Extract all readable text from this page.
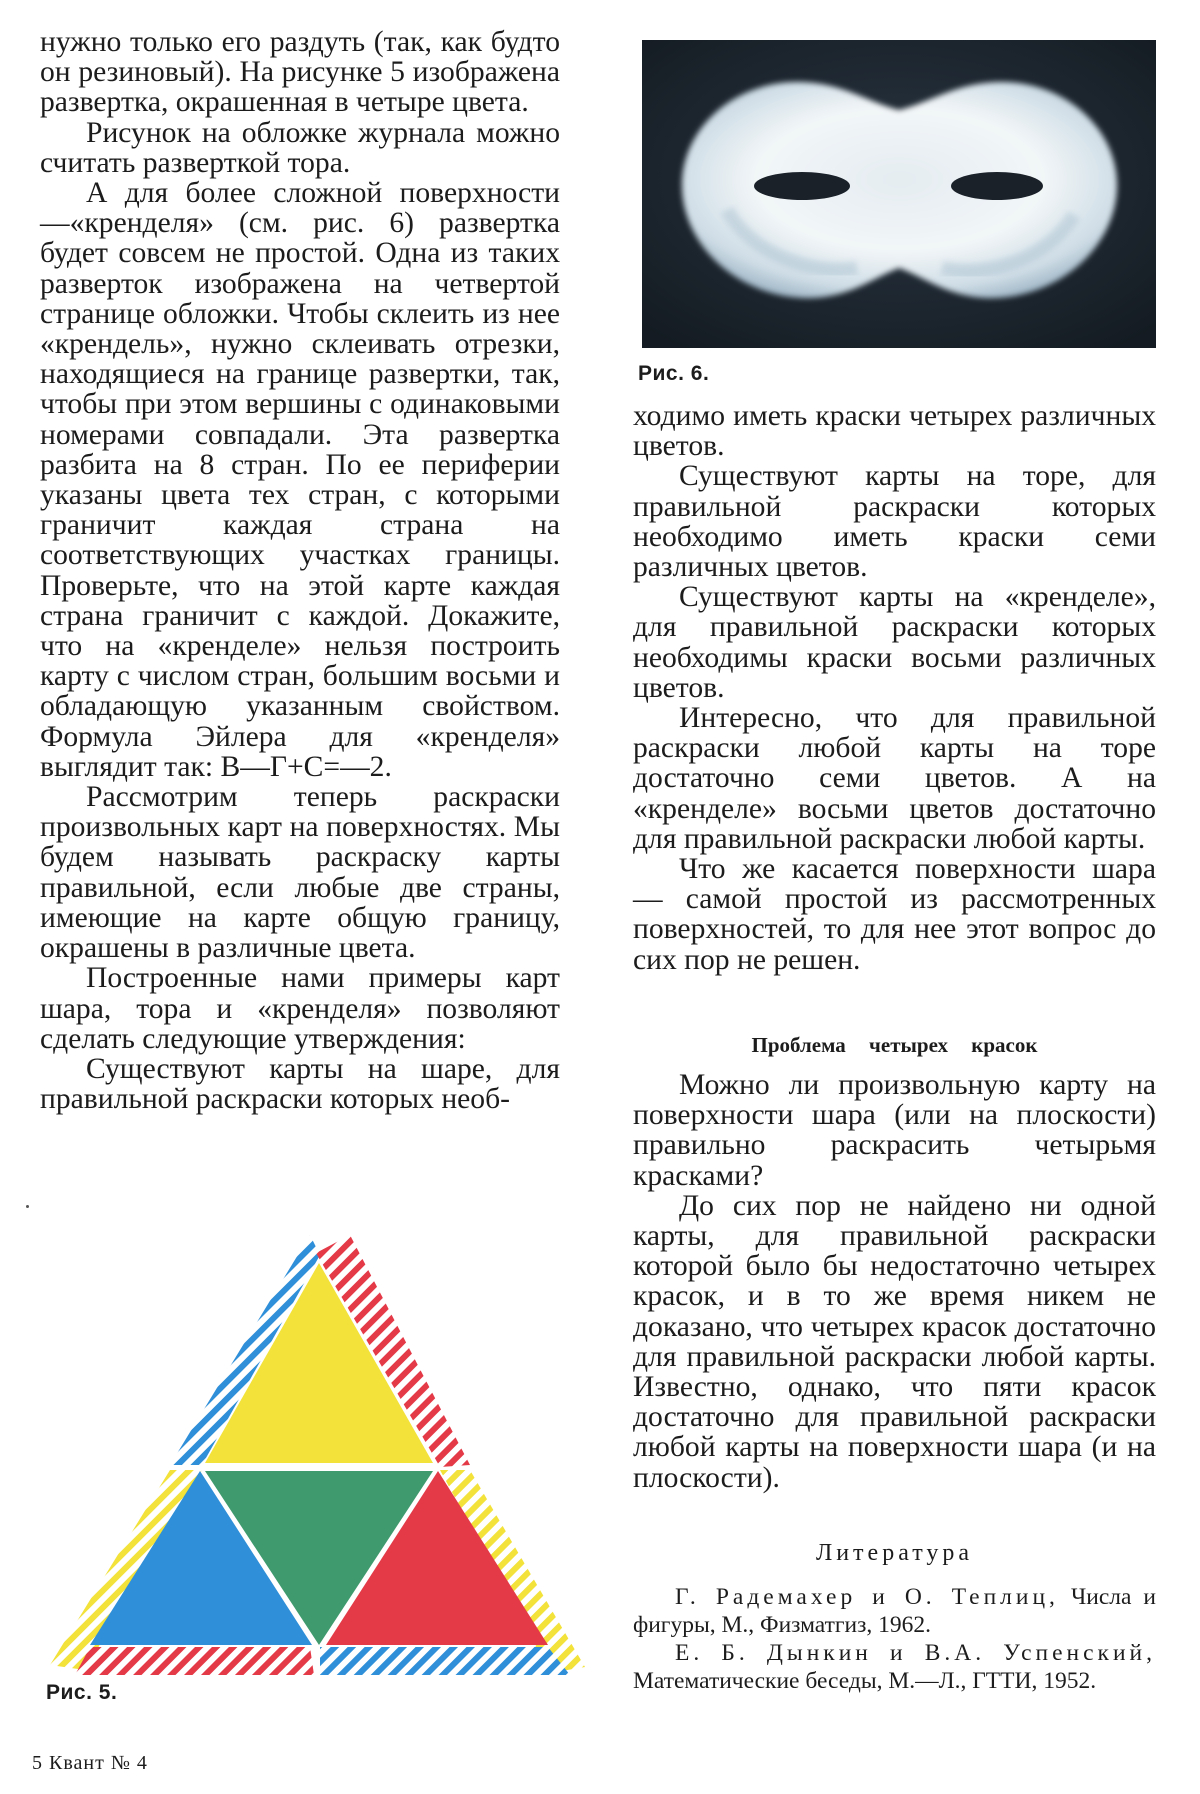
нужно только его раздуть (так, как будто он резиновый). На рисунке 5 изображена развертка, окрашенная в четыре цвета.

Рисунок на обложке журнала можно считать разверткой тора.

А для более сложной поверхности —«кренделя» (см. рис. 6) развертка будет совсем не простой. Одна из таких разверток изображена на четвертой странице обложки. Чтобы склеить из нее «крендель», нужно склеивать отрезки, находящиеся на границе развертки, так, чтобы при этом вершины с одинаковыми номерами совпадали. Эта развертка разбита на 8 стран. По ее периферии указаны цвета тех стран, с которыми граничит каждая страна на соответствующих участках границы. Проверьте, что на этой карте каждая страна граничит с каждой. Докажите, что на «кренделе» нельзя построить карту с числом стран, большим восьми и обладающую указанным свойством. Формула Эйлера для «кренделя» выглядит так: В—Г+С=—2.

Рассмотрим теперь раскраски произвольных карт на поверхностях. Мы будем называть раскраску карты правильной, если любые две страны, имеющие на карте общую границу, окрашены в различные цвета.

Построенные нами примеры карт шара, тора и «кренделя» позволяют сделать следующие утверждения:

Существуют карты на шаре, для правильной раскраски которых необ-

Рис. 6.

ходимо иметь краски четырех различных цветов.

Существуют карты на торе, для правильной раскраски которых необходимо иметь краски семи различных цветов.

Существуют карты на «кренделе», для правильной раскраски которых необходимы краски восьми различных цветов.

Интересно, что для правильной раскраски любой карты на торе достаточно семи цветов. А на «кренделе» восьми цветов достаточно для правильной раскраски любой карты.

Что же касается поверхности шара — самой простой из рассмотренных поверхностей, то для нее этот вопрос до сих пор не решен.

Проблема четырех красок

Можно ли произвольную карту на поверхности шара (или на плоскости) правильно раскрасить четырьмя красками?

До сих пор не найдено ни одной карты, для правильной раскраски которой было бы недостаточно четырех красок, и в то же время никем не доказано, что четырех красок достаточно для правильной раскраски любой карты. Известно, однако, что пяти красок достаточно для правильной раскраски любой карты на поверхности шара (и на плоскости).

Литература

Г. Радемахер и О. Теплиц, Числа и фигуры, М., Физматгиз, 1962.

Е. Б. Дынкин и В.А. Успенский, Математические беседы, М.—Л., ГТТИ, 1952.

Рис. 5.
5 Квант № 4
